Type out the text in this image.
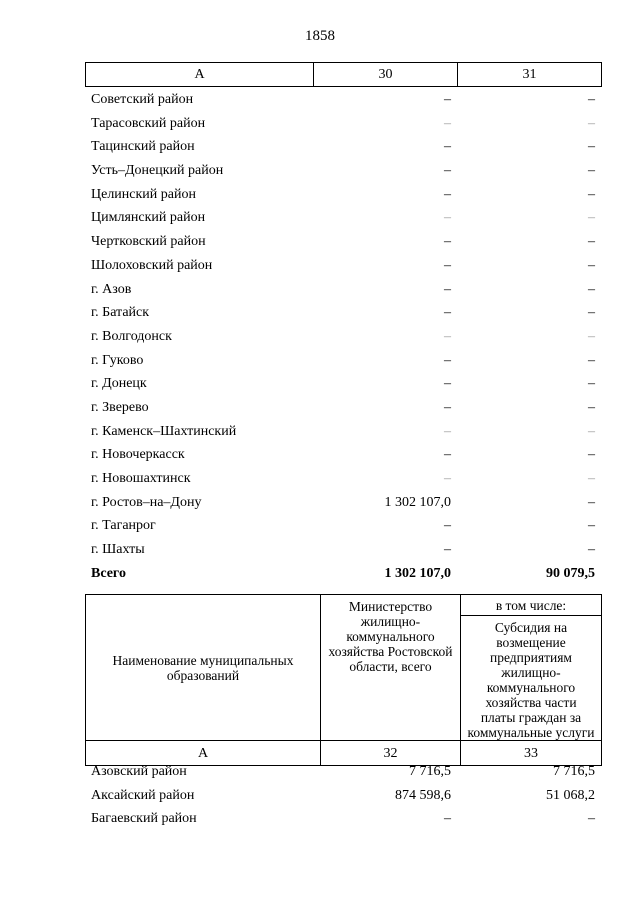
1858
A	30	31
Советский район	–	–
Тарасовский район	–	–
Тацинский район	–	–
Усть–Донецкий район	–	–
Целинский район	–	–
Цимлянский район	–	–
Чертковский район	–	–
Шолоховский район	–	–
г. Азов	–	–
г. Батайск	–	–
г. Волгодонск	–	–
г. Гуково	–	–
г. Донецк	–	–
г. Зверево	–	–
г. Каменск–Шахтинский	–	–
г. Новочеркасск	–	–
г. Новошахтинск	–	–
г. Ростов–на–Дону	1 302 107,0	–
г. Таганрог	–	–
г. Шахты	–	–
Всего	1 302 107,0	90 079,5
Наименование муниципальных образований	Министерство жилищно-коммунального хозяйства Ростовской области, всего	в том числе:
		Субсидия на возмещение предприятиям жилищно-коммунального хозяйства части платы граждан за коммунальные услуги
А	32	33
Азовский район	7 716,5	7 716,5
Аксайский район	874 598,6	51 068,2
Багаевский район	–	–
